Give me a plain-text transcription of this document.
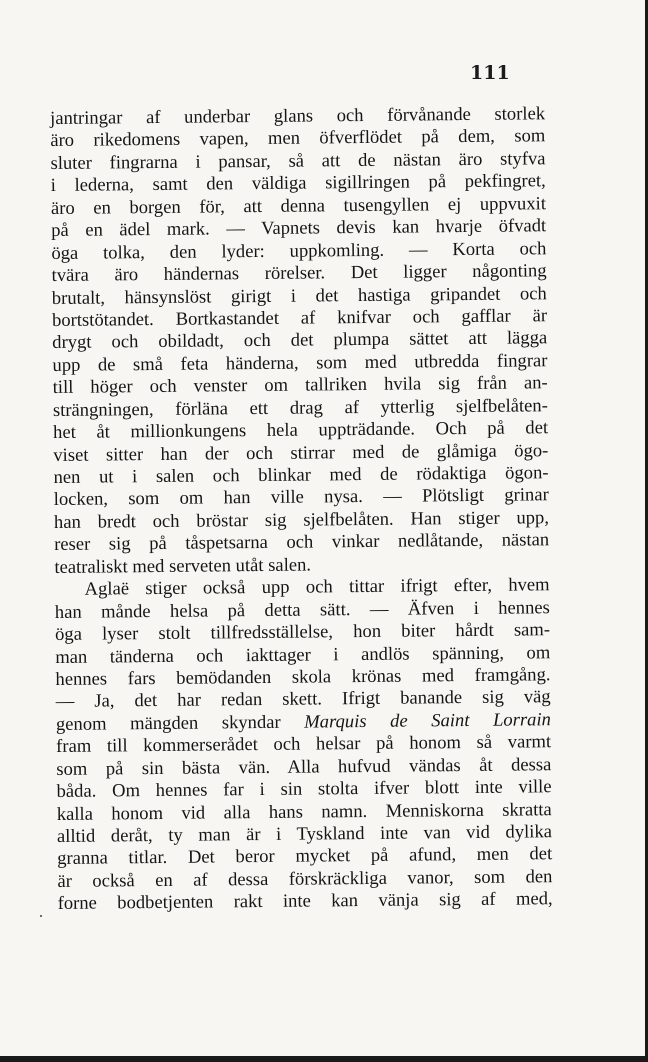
111
jantringar af underbar glans och förvånande storlek
äro rikedomens vapen, men öfverflödet på dem, som
sluter fingrarna i pansar, så att de nästan äro styfva
i lederna, samt den väldiga sigillringen på pekfingret,
äro en borgen för, att denna tusengyllen ej uppvuxit
på en ädel mark. — Vapnets devis kan hvarje öfvadt
öga tolka, den lyder: uppkomling. — Korta och
tvära äro händernas rörelser. Det ligger någonting
brutalt, hänsynslöst girigt i det hastiga gripandet och
bortstötandet. Bortkastandet af knifvar och gafflar är
drygt och obildadt, och det plumpa sättet att lägga
upp de små feta händerna, som med utbredda fingrar
till höger och venster om tallriken hvila sig från an-
strängningen, förläna ett drag af ytterlig sjelfbelåten-
het åt millionkungens hela uppträdande. Och på det
viset sitter han der och stirrar med de glåmiga ögo-
nen ut i salen och blinkar med de rödaktiga ögon-
locken, som om han ville nysa. — Plötsligt grinar
han bredt och bröstar sig sjelfbelåten. Han stiger upp,
reser sig på tåspetsarna och vinkar nedlåtande, nästan
teatraliskt med serveten utåt salen.
Aglaë stiger också upp och tittar ifrigt efter, hvem
han månde helsa på detta sätt. — Äfven i hennes
öga lyser stolt tillfredsställelse, hon biter hårdt sam-
man tänderna och iakttager i andlös spänning, om
hennes fars bemödanden skola krönas med framgång.
— Ja, det har redan skett. Ifrigt banande sig väg
genom mängden skyndar Marquis de Saint Lorrain
fram till kommerserådet och helsar på honom så varmt
som på sin bästa vän. Alla hufvud vändas åt dessa
båda. Om hennes far i sin stolta ifver blott inte ville
kalla honom vid alla hans namn. Menniskorna skratta
alltid deråt, ty man är i Tyskland inte van vid dylika
granna titlar. Det beror mycket på afund, men det
är också en af dessa förskräckliga vanor, som den
forne bodbetjenten rakt inte kan vänja sig af med,
